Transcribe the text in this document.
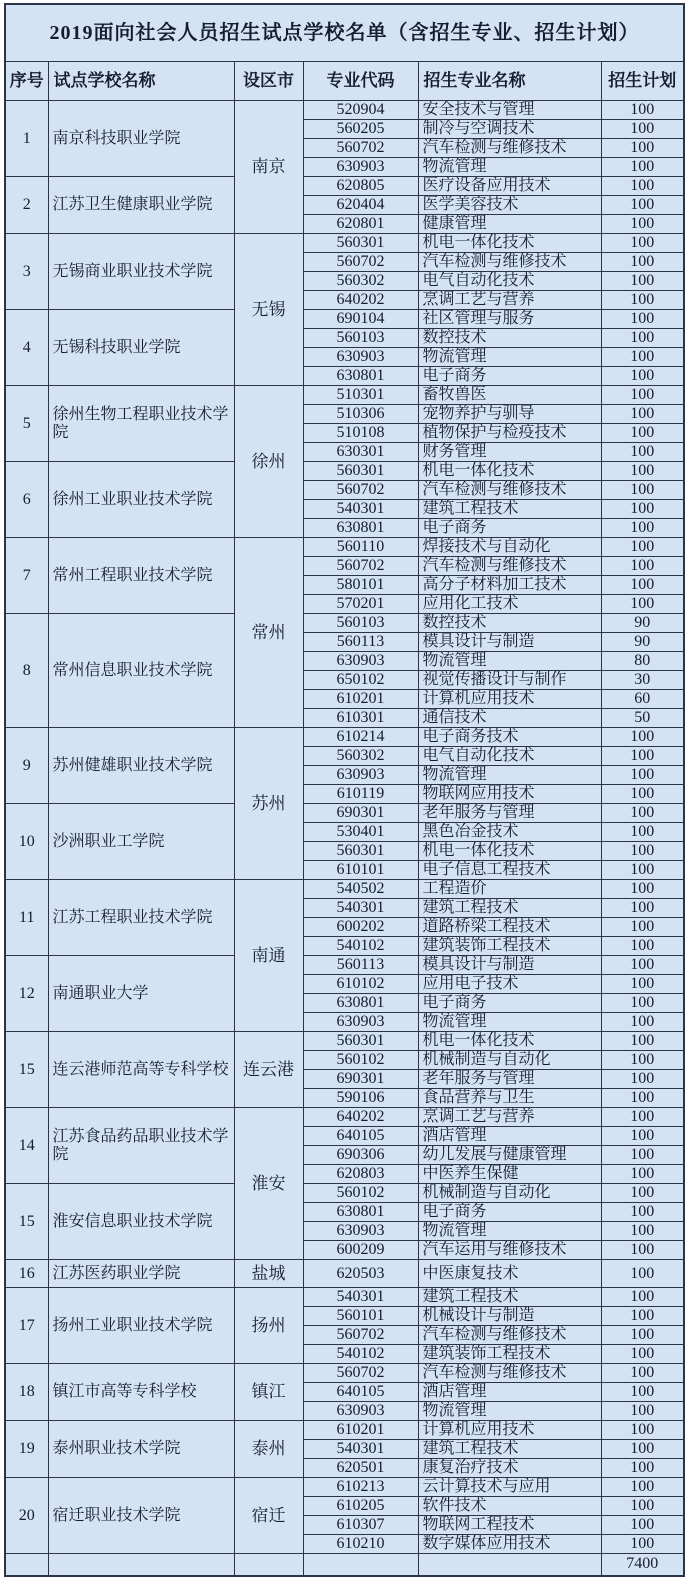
2019面向社会人员招生试点学校名单（含招生专业、招生计划）					
序号	试点学校名称	设区市	专业代码	招生专业名称	招生计划
1	南京科技职业学院	南京	520904	安全技术与管理	100
			560205	制冷与空调技术	100
			560702	汽车检测与维修技术	100
			630903	物流管理	100
2	江苏卫生健康职业学院		620805	医疗设备应用技术	100
			620404	医学美容技术	100
			620801	健康管理	100
3	无锡商业职业技术学院	无锡	560301	机电一体化技术	100
			560702	汽车检测与维修技术	100
			560302	电气自动化技术	100
			640202	烹调工艺与营养	100
4	无锡科技职业学院		690104	社区管理与服务	100
			560103	数控技术	100
			630903	物流管理	100
			630801	电子商务	100
5	徐州生物工程职业技术学院	徐州	510301	畜牧兽医	100
			510306	宠物养护与驯导	100
			510108	植物保护与检疫技术	100
			630301	财务管理	100
6	徐州工业职业技术学院		560301	机电一体化技术	100
			560702	汽车检测与维修技术	100
			540301	建筑工程技术	100
			630801	电子商务	100
7	常州工程职业技术学院	常州	560110	焊接技术与自动化	100
			560702	汽车检测与维修技术	100
			580101	高分子材料加工技术	100
			570201	应用化工技术	100
8	常州信息职业技术学院		560103	数控技术	90
			560113	模具设计与制造	90
			630903	物流管理	80
			650102	视觉传播设计与制作	30
			610201	计算机应用技术	60
			610301	通信技术	50
9	苏州健雄职业技术学院	苏州	610214	电子商务技术	100
			560302	电气自动化技术	100
			630903	物流管理	100
			610119	物联网应用技术	100
10	沙洲职业工学院		690301	老年服务与管理	100
			530401	黑色冶金技术	100
			560301	机电一体化技术	100
			610101	电子信息工程技术	100
11	江苏工程职业技术学院	南通	540502	工程造价	100
			540301	建筑工程技术	100
			600202	道路桥梁工程技术	100
			540102	建筑装饰工程技术	100
12	南通职业大学		560113	模具设计与制造	100
			610102	应用电子技术	100
			630801	电子商务	100
			630903	物流管理	100
15	连云港师范高等专科学校	连云港	560301	机电一体化技术	100
			560102	机械制造与自动化	100
			690301	老年服务与管理	100
			590106	食品营养与卫生	100
14	江苏食品药品职业技术学院	淮安	640202	烹调工艺与营养	100
			640105	酒店管理	100
			690306	幼儿发展与健康管理	100
			620803	中医养生保健	100
15	淮安信息职业技术学院		560102	机械制造与自动化	100
			630801	电子商务	100
			630903	物流管理	100
			600209	汽车运用与维修技术	100
16	江苏医药职业学院	盐城	620503	中医康复技术	100
17	扬州工业职业技术学院	扬州	540301	建筑工程技术	100
			560101	机械设计与制造	100
			560702	汽车检测与维修技术	100
			540102	建筑装饰工程技术	100
18	镇江市高等专科学校	镇江	560702	汽车检测与维修技术	100
			640105	酒店管理	100
			630903	物流管理	100
19	泰州职业技术学院	泰州	610201	计算机应用技术	100
			540301	建筑工程技术	100
			620501	康复治疗技术	100
20	宿迁职业技术学院	宿迁	610213	云计算技术与应用	100
			610205	软件技术	100
			610307	物联网工程技术	100
			610210	数字媒体应用技术	100
					7400
